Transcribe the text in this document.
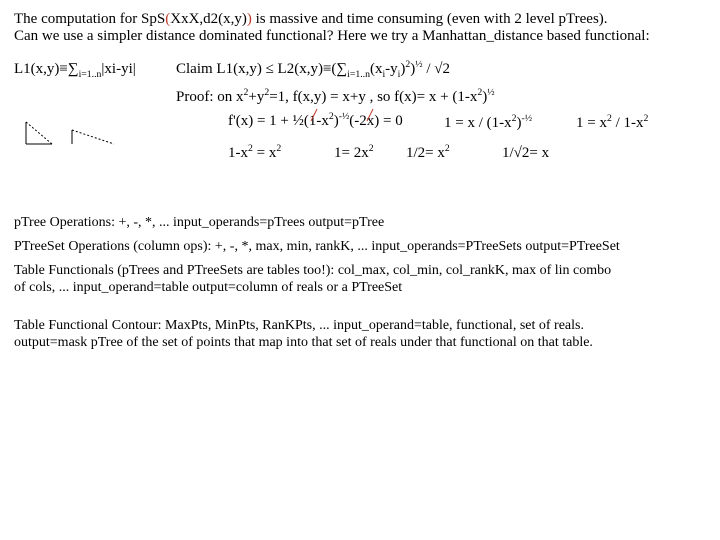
The computation for SpS(XxX,d2(x,y)) is massive and time consuming (even with 2 level pTrees).
Can we use a simpler distance dominated functional? Here we try a Manhattan_distance based functional:
$L1(x,y)\equiv\sum_{i=1..n}|xi-yi|$	Claim $L1(x,y) \le L2(x,y)\equiv(\sum_{i=1..n}(x_i-y_i)^2)^{\frac{1}{2}} / √2$
Proof: on $x^2+y^2=1$, f(x,y) = x+y , so $f(x)= x + (1-x^2)^{\frac{1}{2}}$
$f'(x) = 1 + \frac{1}{2}(1-x^2)^{-\frac{1}{2}}(-2x) = 0$	$1 = x / (1-x^2)^{-\frac{1}{2}}$	$1 = x^2 / 1-x^2$
$1-x^2 = x^2$	$1= 2x^2$ $1/2= x^2$	1/√2= x
pTree Operations: +, -, *, ... input_operands=pTrees output=pTree
PTreeSet Operations (column ops): +, -, *, max, min, rankK, ... input_operands=PTreeSets output=PTreeSet
Table Functionals (pTrees and PTreeSets are tables too!): col_max, col_min, col_rankK, max of lin combo
of cols, ... input_operand=table output=column of reals or a PTreeSet
Table Functional Contour: MaxPts, MinPts, RanKPts, ... input_operand=table, functional, set of reals.
output=mask pTree of the set of points that map into that set of reals under that functional on that table.
